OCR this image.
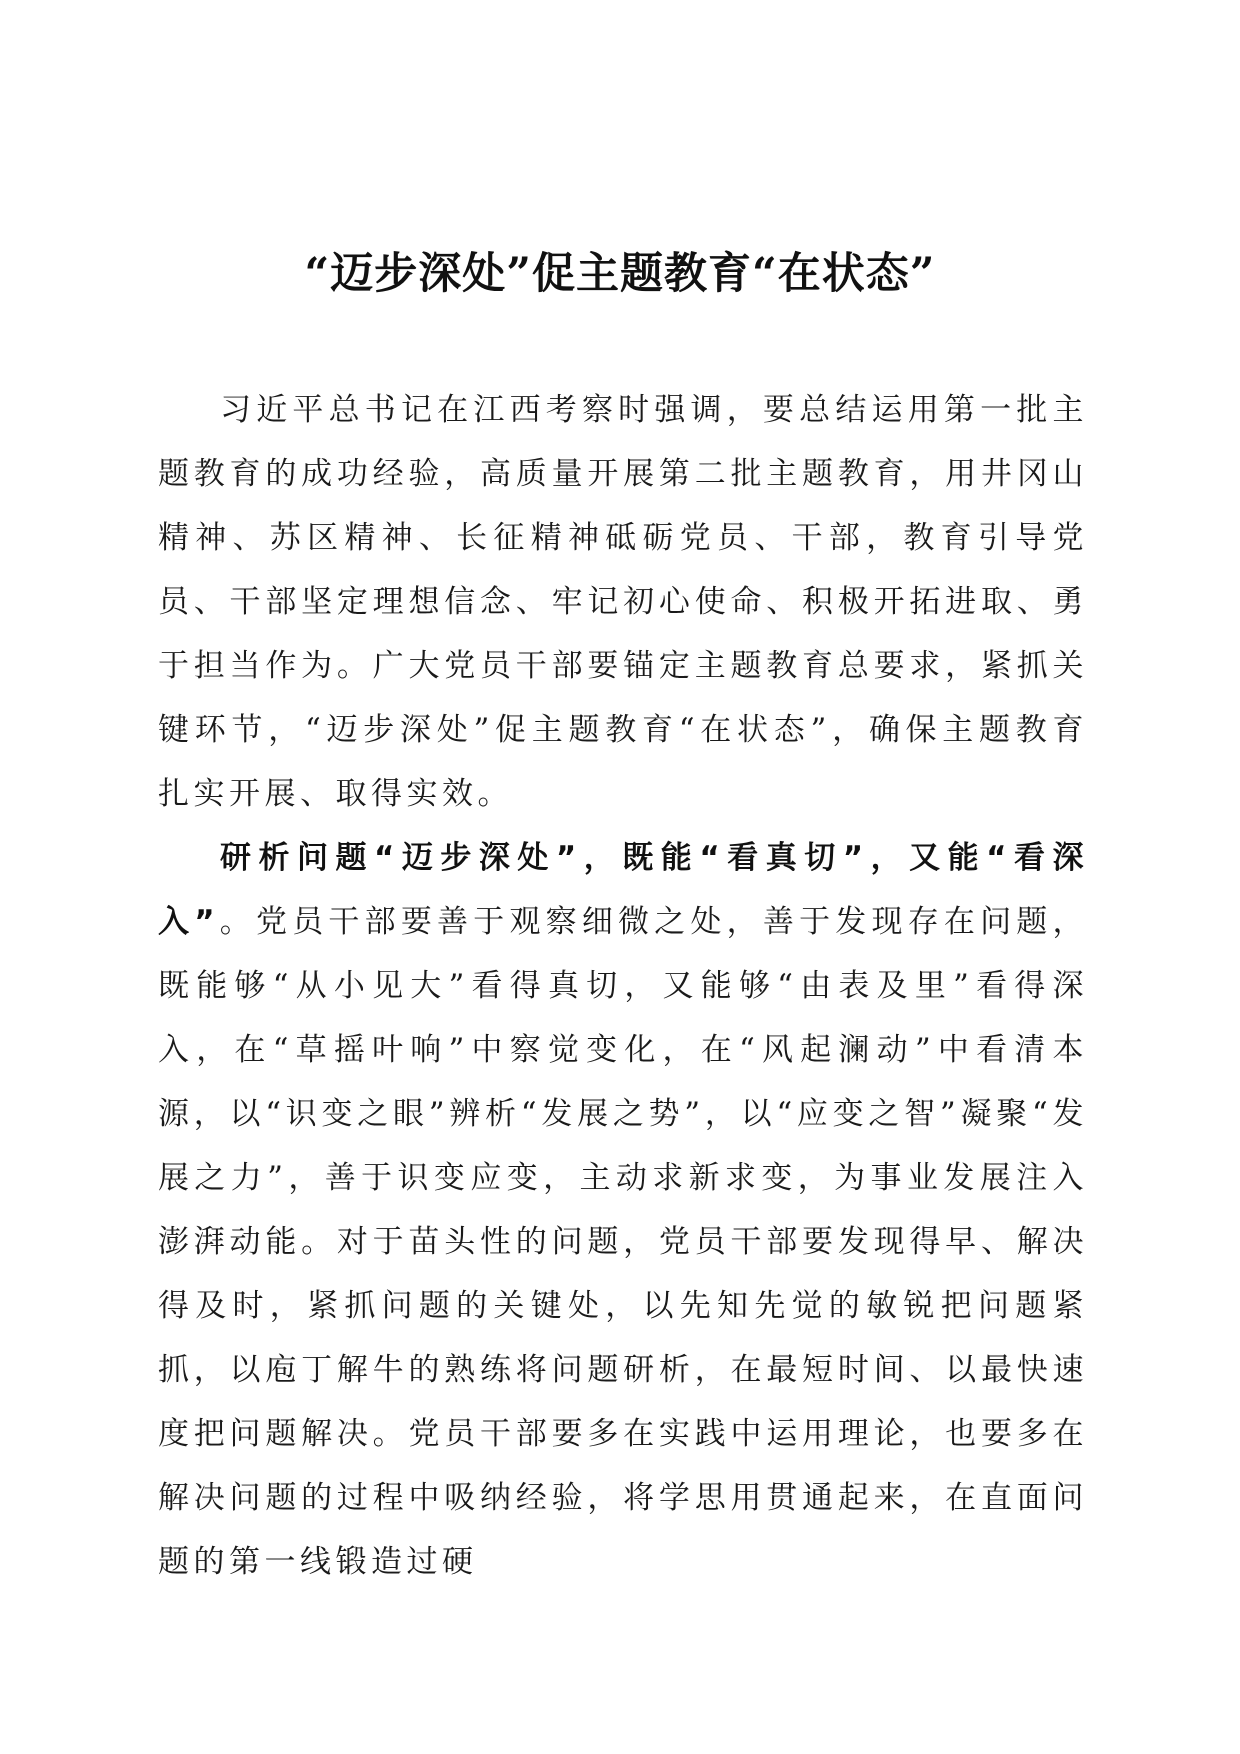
“迈步深处”促主题教育“在状态”

习近平总书记在江西考察时强调，要总结运用第一批主题教育的成功经验，高质量开展第二批主题教育，用井冈山精神、苏区精神、长征精神砥砺党员、干部，教育引导党员、干部坚定理想信念、牢记初心使命、积极开拓进取、勇于担当作为。广大党员干部要锚定主题教育总要求，紧抓关键环节，“迈步深处”促主题教育“在状态”，确保主题教育扎实开展、取得实效。

研析问题“迈步深处”，既能“看真切”，又能“看深入”。党员干部要善于观察细微之处，善于发现存在问题，既能够“从小见大”看得真切，又能够“由表及里”看得深入，在“草摇叶响”中察觉变化，在“风起澜动”中看清本源，以“识变之眼”辨析“发展之势”，以“应变之智”凝聚“发展之力”，善于识变应变，主动求新求变，为事业发展注入澎湃动能。对于苗头性的问题，党员干部要发现得早、解决得及时，紧抓问题的关键处，以先知先觉的敏锐把问题紧抓，以庖丁解牛的熟练将问题研析，在最短时间、以最快速度把问题解决。党员干部要多在实践中运用理论，也要多在解决问题的过程中吸纳经验，将学思用贯通起来，在直面问题的第一线锻造过硬
